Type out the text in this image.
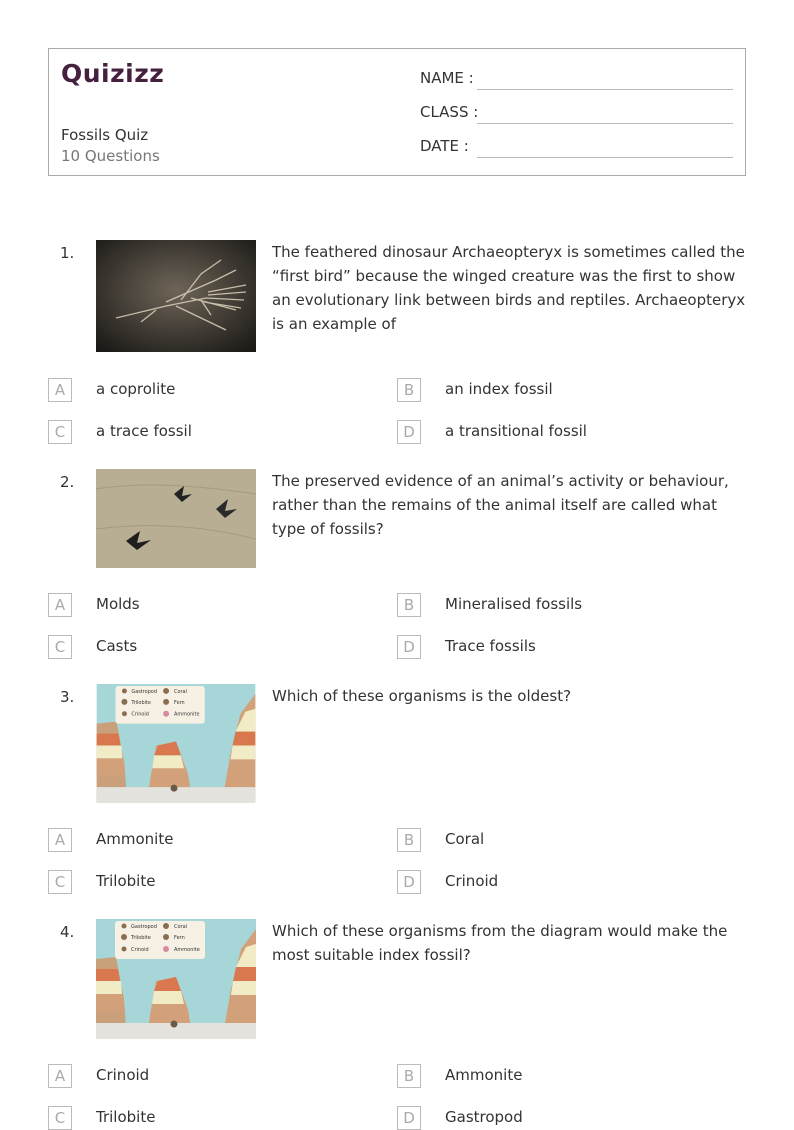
Quizizz
Fossils Quiz
10 Questions
NAME :
CLASS :
DATE :
1.	The feathered dinosaur Archaeopteryx is sometimes called the “first bird” because the winged creature was the first to show an evolutionary link between birds and reptiles. Archaeopteryx is an example of
A	a coprolite	B	an index fossil
C	a trace fossil	D	a transitional fossil
2.	The preserved evidence of an animal’s activity or behaviour, rather than the remains of the animal itself are called what type of fossils?
A	Molds	B	Mineralised fossils
C	Casts	D	Trace fossils
3.	Gastropod	Coral
Trilobite	Fern
Crinoid	Ammonite
Which of these organisms is the oldest?
A	Ammonite	B	Coral
C	Trilobite	D	Crinoid
4.	Gastropod	Coral
Trilobite	Fern
Crinoid	Ammonite
Which of these organisms from the diagram would make the most suitable index fossil?
A	Crinoid	B	Ammonite
C	Trilobite	D	Gastropod
